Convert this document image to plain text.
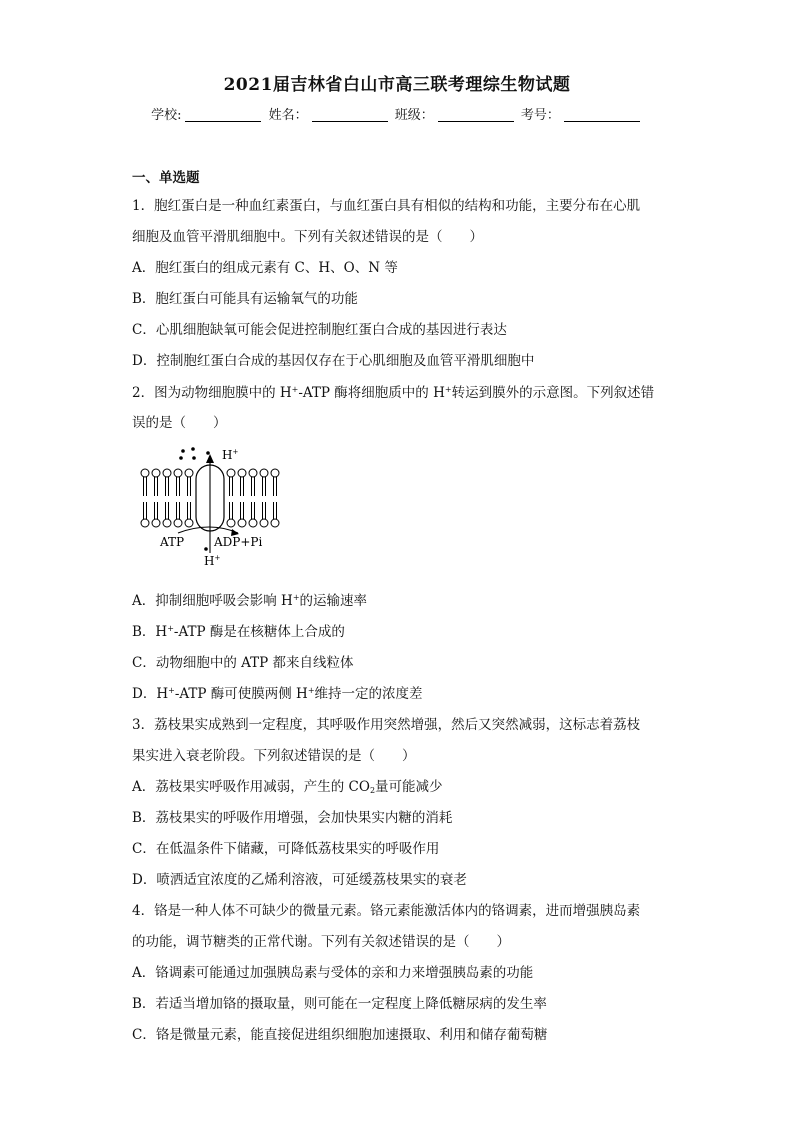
2021届吉林省白山市高三联考理综生物试题
学校:	姓名：	班级：	考号：
一、单选题
1．胞红蛋白是一种血红素蛋白，与血红蛋白具有相似的结构和功能，主要分布在心肌
细胞及血管平滑肌细胞中。下列有关叙述错误的是（　　）
A．胞红蛋白的组成元素有 C、H、O、N 等
B．胞红蛋白可能具有运输氧气的功能
C．心肌细胞缺氧可能会促进控制胞红蛋白合成的基因进行表达
D．控制胞红蛋白合成的基因仅存在于心肌细胞及血管平滑肌细胞中
2．图为动物细胞膜中的 H+-ATP 酶将细胞质中的 H+转运到膜外的示意图。下列叙述错
误的是（　　）
H+
ATP ADP+Pi
H+
A．抑制细胞呼吸会影响 H+的运输速率
B．H+-ATP 酶是在核糖体上合成的
C．动物细胞中的 ATP 都来自线粒体
D．H+-ATP 酶可使膜两侧 H+维持一定的浓度差
3．荔枝果实成熟到一定程度，其呼吸作用突然增强，然后又突然减弱，这标志着荔枝
果实进入衰老阶段。下列叙述错误的是（　　）
A．荔枝果实呼吸作用减弱，产生的 $CO_2$量可能减少
B．荔枝果实的呼吸作用增强，会加快果实内糖的消耗
C．在低温条件下储藏，可降低荔枝果实的呼吸作用
D．喷洒适宜浓度的乙烯利溶液，可延缓荔枝果实的衰老
4．铬是一种人体不可缺少的微量元素。铬元素能激活体内的铬调素，进而增强胰岛素
的功能，调节糖类的正常代谢。下列有关叙述错误的是（　　）
A．铬调素可能通过加强胰岛素与受体的亲和力来增强胰岛素的功能
B．若适当增加铬的摄取量，则可能在一定程度上降低糖尿病的发生率
C．铬是微量元素，能直接促进组织细胞加速摄取、利用和储存葡萄糖
